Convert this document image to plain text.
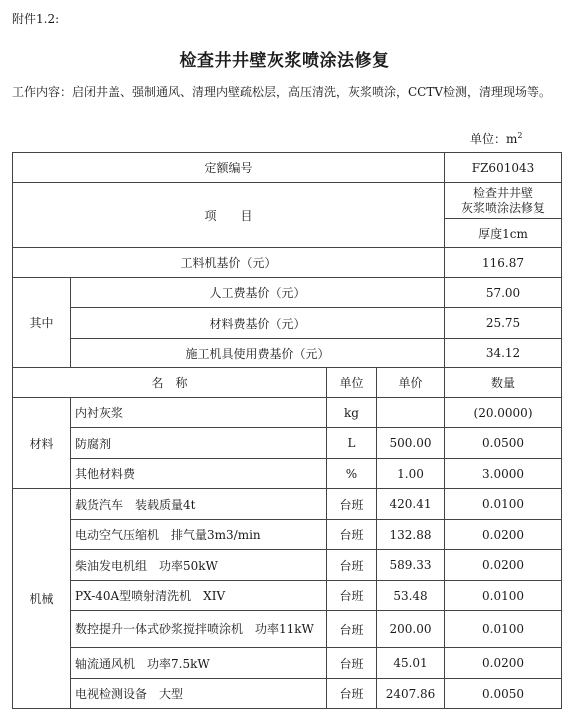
附件1.2:
检查井井壁灰浆喷涂法修复
工作内容：启闭井盖、强制通风、清理内壁疏松层，高压清洗，灰浆喷涂，CCTV检测，清理现场等。
单位：$m^2$
定额编号				FZ601043
项　　目				检查井井壁
灰浆喷涂法修复
				厚度1cm
工料机基价（元）				116.87
其中	人工费基价（元）			57.00
	材料费基价（元）			25.75
	施工机具使用费基价（元）			34.12
名　称		单位	单价	数量
材料	内衬灰浆	kg		(20.0000)
	防腐剂	L	500.00	0.0500
	其他材料费	%	1.00	3.0000
机械	载货汽车　装载质量4t	台班	420.41	0.0100
	电动空气压缩机　排气量3m3/min	台班	132.88	0.0200
	柴油发电机组　功率50kW	台班	589.33	0.0200
	PX-40A型喷射清洗机　XIV	台班	53.48	0.0100
	数控提升一体式砂浆搅拌喷涂机　功率11kW	台班	200.00	0.0100
	轴流通风机　功率7.5kW	台班	45.01	0.0200
	电视检测设备　大型	台班	2407.86	0.0050
